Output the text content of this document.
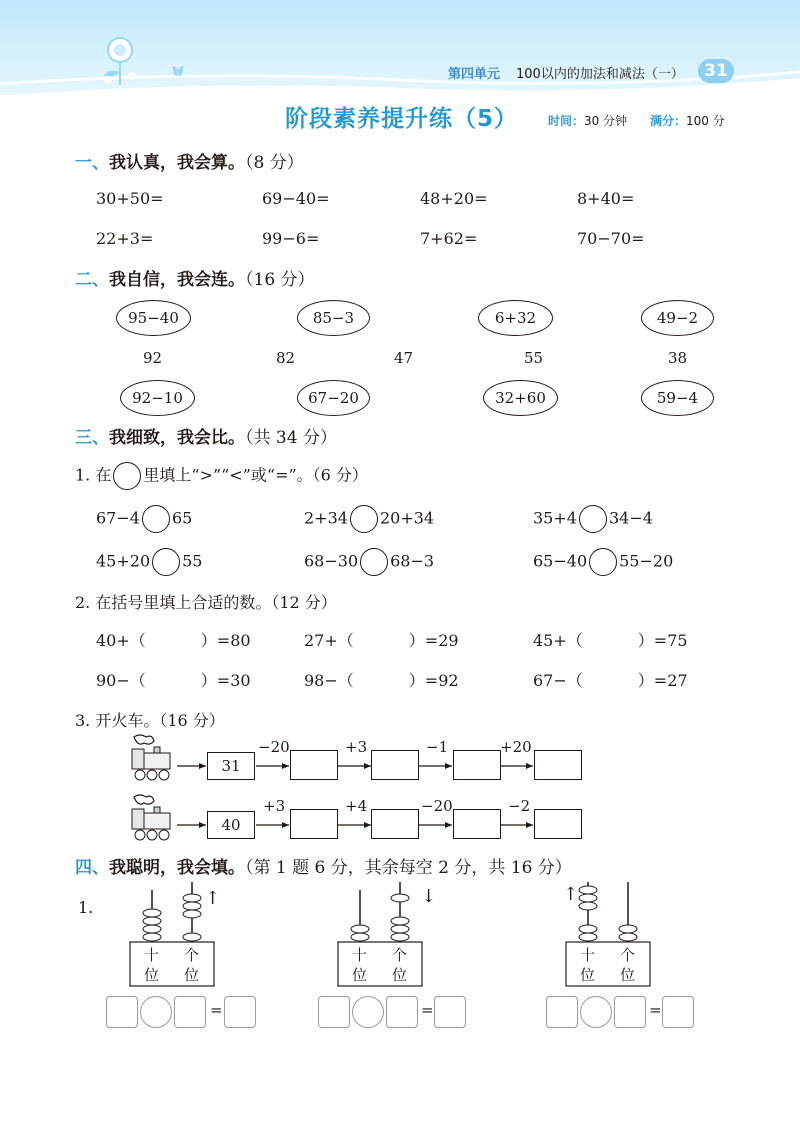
第四单元 100以内的加法和减法（一）	31
阶段素养提升练（5） 时间：30 分钟 满分：100 分
一、我认真，我会算。（8 分）
30+50=	69−40=	48+20=	8+40=
22+3=	99−6=	7+62=	70−70=
二、我自信，我会连。（16 分）
95−40	85−3	6+32	49−2
92	82	47	55	38
92−10	67−20	32+60	59−4
三、我细致，我会比。（共 34 分）
1. 在 里填上“>”“<”或“=”。（6 分）
67−4 65	2+34 20+34	35+4 34−4
45+20 55	68−30 68−3	65−40 55−20
2. 在括号里填上合适的数。（12 分）
40+（	）=80	27+（	）=29	45+（	）=75
90−（	）=30	98−（	）=92	67−（	）=27
3. 开火车。（16 分）
31
−20	+3	−1	+20
40
+3	+4	−20	−2
四、我聪明，我会填。（第 1 题 6 分，其余每空 2 分，共 16 分）
1.	↑
十 个
位 位
↓
十 个
位 位
↑
十 个
位 位
=	=	=
